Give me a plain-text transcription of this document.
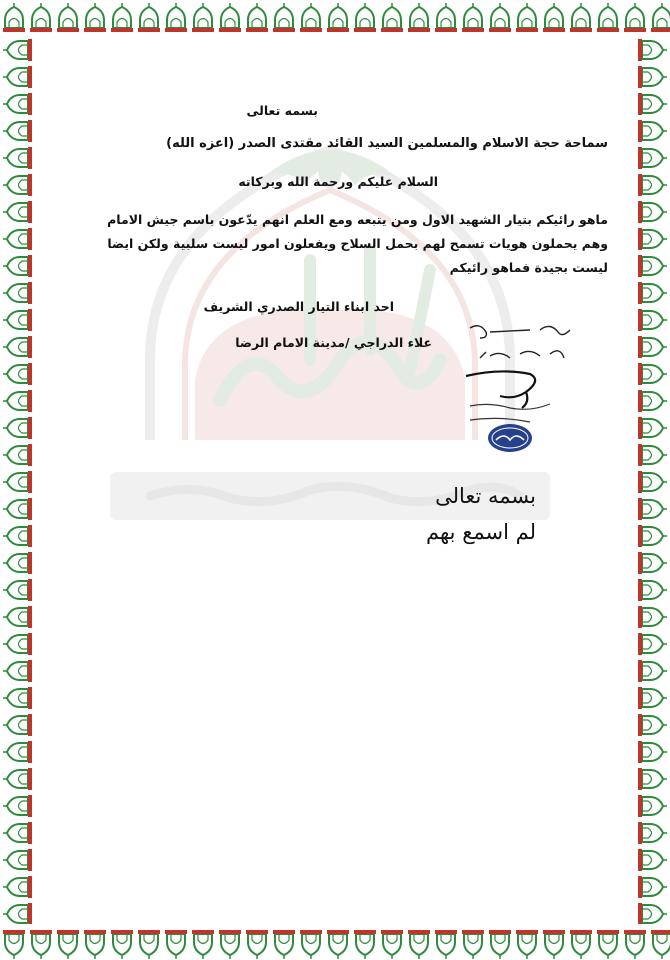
بسمه تعالى
سماحة حجة الاسلام والمسلمين السيد القائد مقتدى الصدر (اعزه الله)
السلام عليكم ورحمة الله وبركاته
ماهو رائيكم بتيار الشهيد الاول ومن يتبعه ومع العلم انهم يدّعون باسم جيش الامام
وهم يحملون هويات تسمح لهم بحمل السلاح ويفعلون امور ليست سلبية ولكن ايضا
ليست بجيدة فماهو رائيكم
احد ابناء التيار الصدري الشريف
علاء الدراجي /مدينة الامام الرضا
بسمه تعالى
لم اسمع بهم
